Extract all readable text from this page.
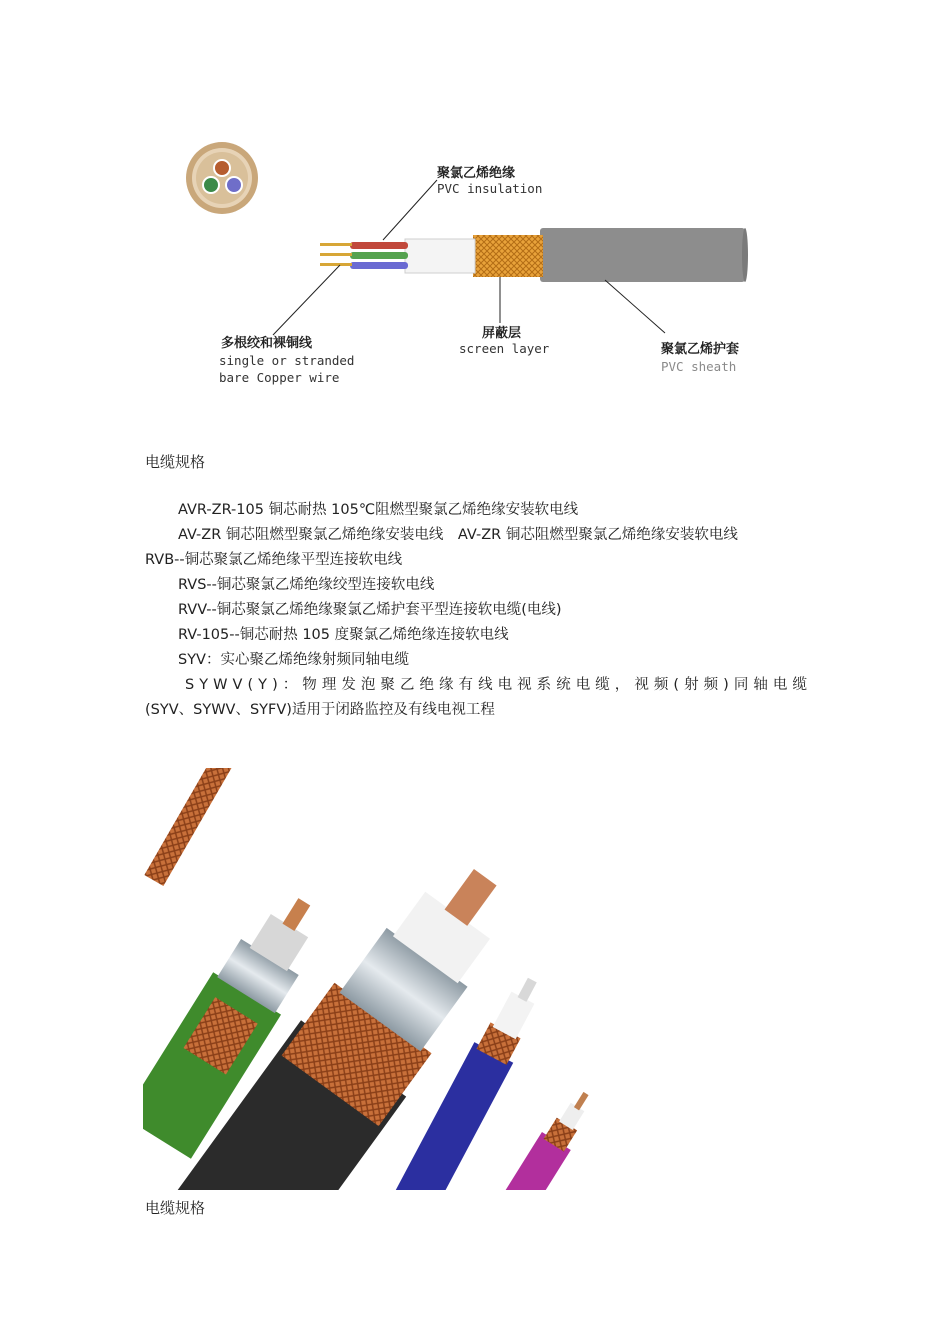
聚氯乙烯绝缘
PVC insulation
多根绞和裸铜线
single or stranded
bare Copper wire
屏蔽层
screen layer	聚氯乙烯护套
PVC sheath
电缆规格
AVR-ZR-105 铜芯耐热 105℃阻燃型聚氯乙烯绝缘安装软电线
AV-ZR 铜芯阻燃型聚氯乙烯绝缘安装电线　AV-ZR 铜芯阻燃型聚氯乙烯绝缘安装软电线
RVB--铜芯聚氯乙烯绝缘平型连接软电线
RVS--铜芯聚氯乙烯绝缘绞型连接软电线
RVV--铜芯聚氯乙烯绝缘聚氯乙烯护套平型连接软电缆(电线)
RV-105--铜芯耐热 105 度聚氯乙烯绝缘连接软电线
SYV：实心聚乙烯绝缘射频同轴电缆
S Y W V ( Y ) ： 物 理 发 泡 聚 乙 绝 缘 有 线 电 视 系 统 电 缆 ， 视 频 ( 射 频 ) 同 轴 电 缆
(SYV、SYWV、SYFV)适用于闭路监控及有线电视工程
电缆规格
